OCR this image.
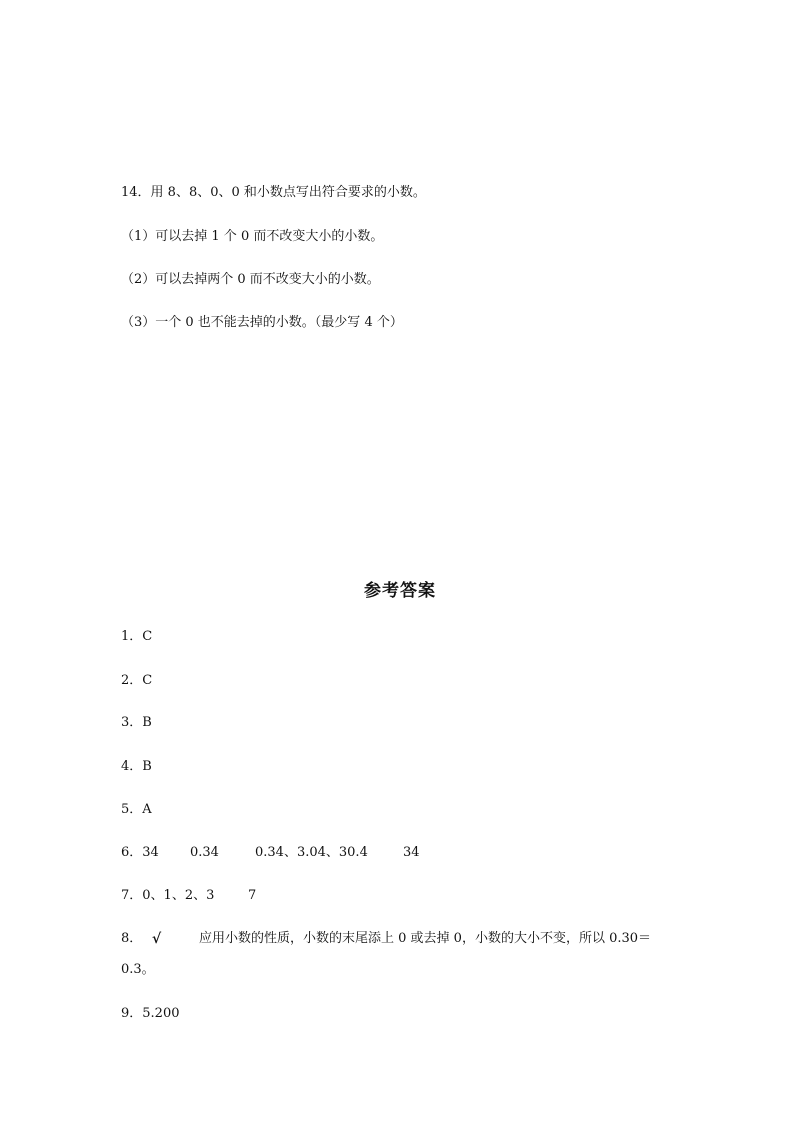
14．用 8、8、0、0 和小数点写出符合要求的小数。
（1）可以去掉 1 个 0 而不改变大小的小数。
（2）可以去掉两个 0 而不改变大小的小数。
（3）一个 0 也不能去掉的小数。（最少写 4 个）
参考答案
1．C
2．C
3．B
4．B
5．A
6．34 0.34	0.34、3.04、30.4	34
7．0、1、2、3	7
8． √	应用小数的性质，小数的末尾添上 0 或去掉 0，小数的大小不变，所以 0.30＝
0.3。
9．5.200
